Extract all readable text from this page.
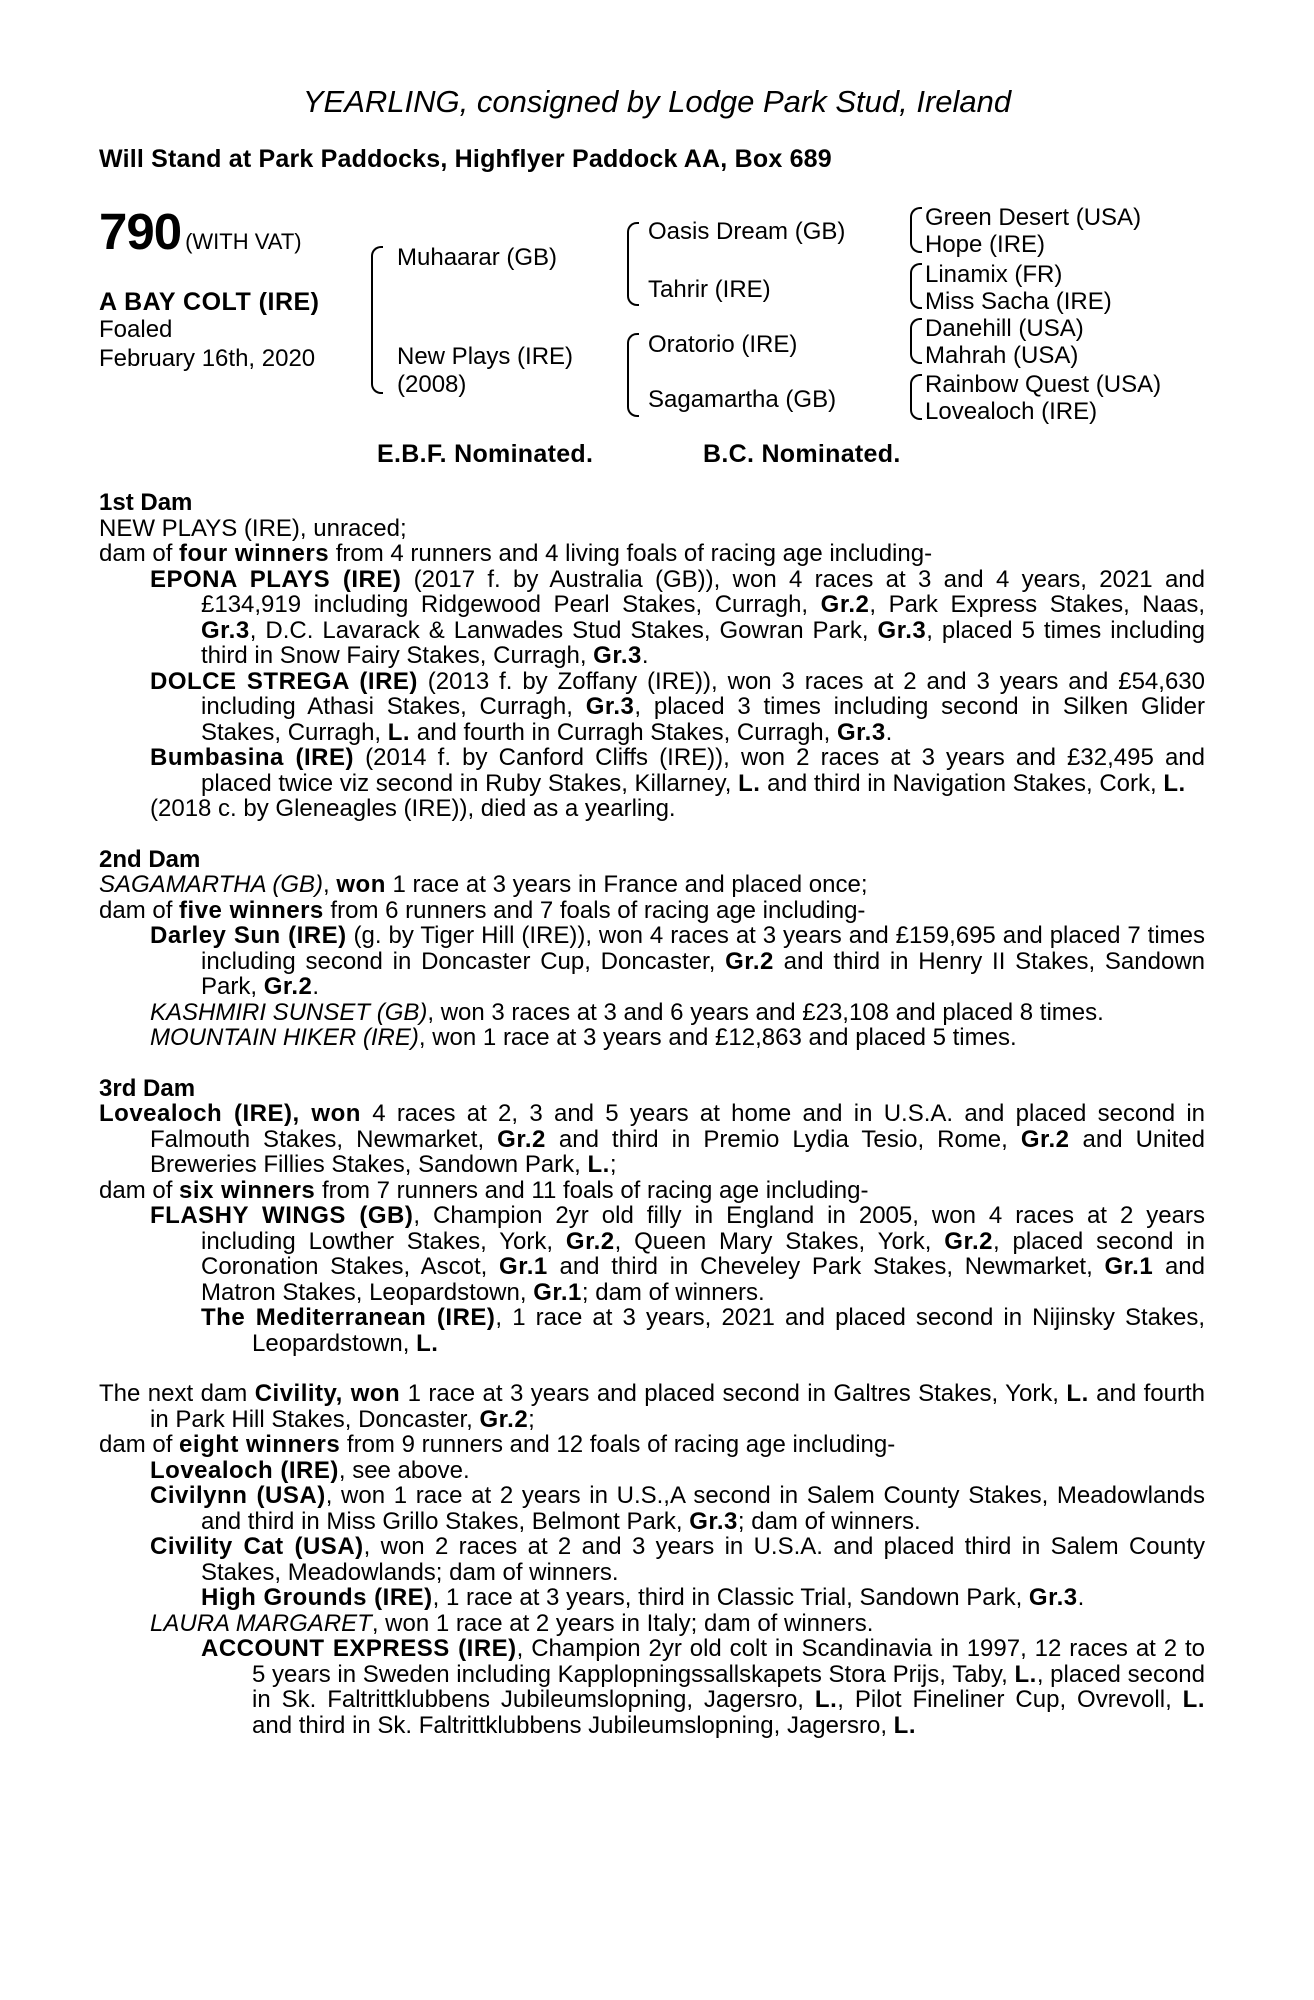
YEARLING, consigned by Lodge Park Stud, Ireland
Will Stand at Park Paddocks, Highflyer Paddock AA, Box 689
790 (WITH VAT)
A BAY COLT (IRE)
Foaled
February 16th, 2020
Muhaarar (GB)
New Plays (IRE)
(2008)
Oasis Dream (GB)
Tahrir (IRE)
Oratorio (IRE)
Sagamartha (GB)
Green Desert (USA)
Hope (IRE)
Linamix (FR)
Miss Sacha (IRE)
Danehill (USA)
Mahrah (USA)
Rainbow Quest (USA)
Lovealoch (IRE)
E.B.F. Nominated.	B.C. Nominated.
1st Dam

NEW PLAYS (IRE), unraced;

dam of four winners from 4 runners and 4 living foals of racing age including-

EPONA PLAYS (IRE) (2017 f. by Australia (GB)), won 4 races at 3 and 4 years, 2021 and £134,919 including Ridgewood Pearl Stakes, Curragh, Gr.2, Park Express Stakes, Naas, Gr.3, D.C. Lavarack & Lanwades Stud Stakes, Gowran Park, Gr.3, placed 5 times including third in Snow Fairy Stakes, Curragh, Gr.3.

DOLCE STREGA (IRE) (2013 f. by Zoffany (IRE)), won 3 races at 2 and 3 years and £54,630 including Athasi Stakes, Curragh, Gr.3, placed 3 times including second in Silken Glider Stakes, Curragh, L. and fourth in Curragh Stakes, Curragh, Gr.3.

Bumbasina (IRE) (2014 f. by Canford Cliffs (IRE)), won 2 races at 3 years and £32,495 and placed twice viz second in Ruby Stakes, Killarney, L. and third in Navigation Stakes, Cork, L.

(2018 c. by Gleneagles (IRE)), died as a yearling.

2nd Dam

SAGAMARTHA (GB), won 1 race at 3 years in France and placed once;

dam of five winners from 6 runners and 7 foals of racing age including-

Darley Sun (IRE) (g. by Tiger Hill (IRE)), won 4 races at 3 years and £159,695 and placed 7 times including second in Doncaster Cup, Doncaster, Gr.2 and third in Henry II Stakes, Sandown Park, Gr.2.

KASHMIRI SUNSET (GB), won 3 races at 3 and 6 years and £23,108 and placed 8 times.

MOUNTAIN HIKER (IRE), won 1 race at 3 years and £12,863 and placed 5 times.

3rd Dam

Lovealoch (IRE), won 4 races at 2, 3 and 5 years at home and in U.S.A. and placed second in Falmouth Stakes, Newmarket, Gr.2 and third in Premio Lydia Tesio, Rome, Gr.2 and United Breweries Fillies Stakes, Sandown Park, L.;

dam of six winners from 7 runners and 11 foals of racing age including-

FLASHY WINGS (GB), Champion 2yr old filly in England in 2005, won 4 races at 2 years including Lowther Stakes, York, Gr.2, Queen Mary Stakes, York, Gr.2, placed second in Coronation Stakes, Ascot, Gr.1 and third in Cheveley Park Stakes, Newmarket, Gr.1 and Matron Stakes, Leopardstown, Gr.1; dam of winners.

The Mediterranean (IRE), 1 race at 3 years, 2021 and placed second in Nijinsky Stakes, Leopardstown, L.

The next dam Civility, won 1 race at 3 years and placed second in Galtres Stakes, York, L. and fourth in Park Hill Stakes, Doncaster, Gr.2;

dam of eight winners from 9 runners and 12 foals of racing age including-

Lovealoch (IRE), see above.

Civilynn (USA), won 1 race at 2 years in U.S.,A second in Salem County Stakes, Meadowlands and third in Miss Grillo Stakes, Belmont Park, Gr.3; dam of winners.

Civility Cat (USA), won 2 races at 2 and 3 years in U.S.A. and placed third in Salem County Stakes, Meadowlands; dam of winners.

High Grounds (IRE), 1 race at 3 years, third in Classic Trial, Sandown Park, Gr.3.

LAURA MARGARET, won 1 race at 2 years in Italy; dam of winners.

ACCOUNT EXPRESS (IRE), Champion 2yr old colt in Scandinavia in 1997, 12 races at 2 to 5 years in Sweden including Kapplopningssallskapets Stora Prijs, Taby, L., placed second in Sk. Faltrittklubbens Jubileumslopning, Jagersro, L., Pilot Fineliner Cup, Ovrevoll, L. and third in Sk. Faltrittklubbens Jubileumslopning, Jagersro, L.
